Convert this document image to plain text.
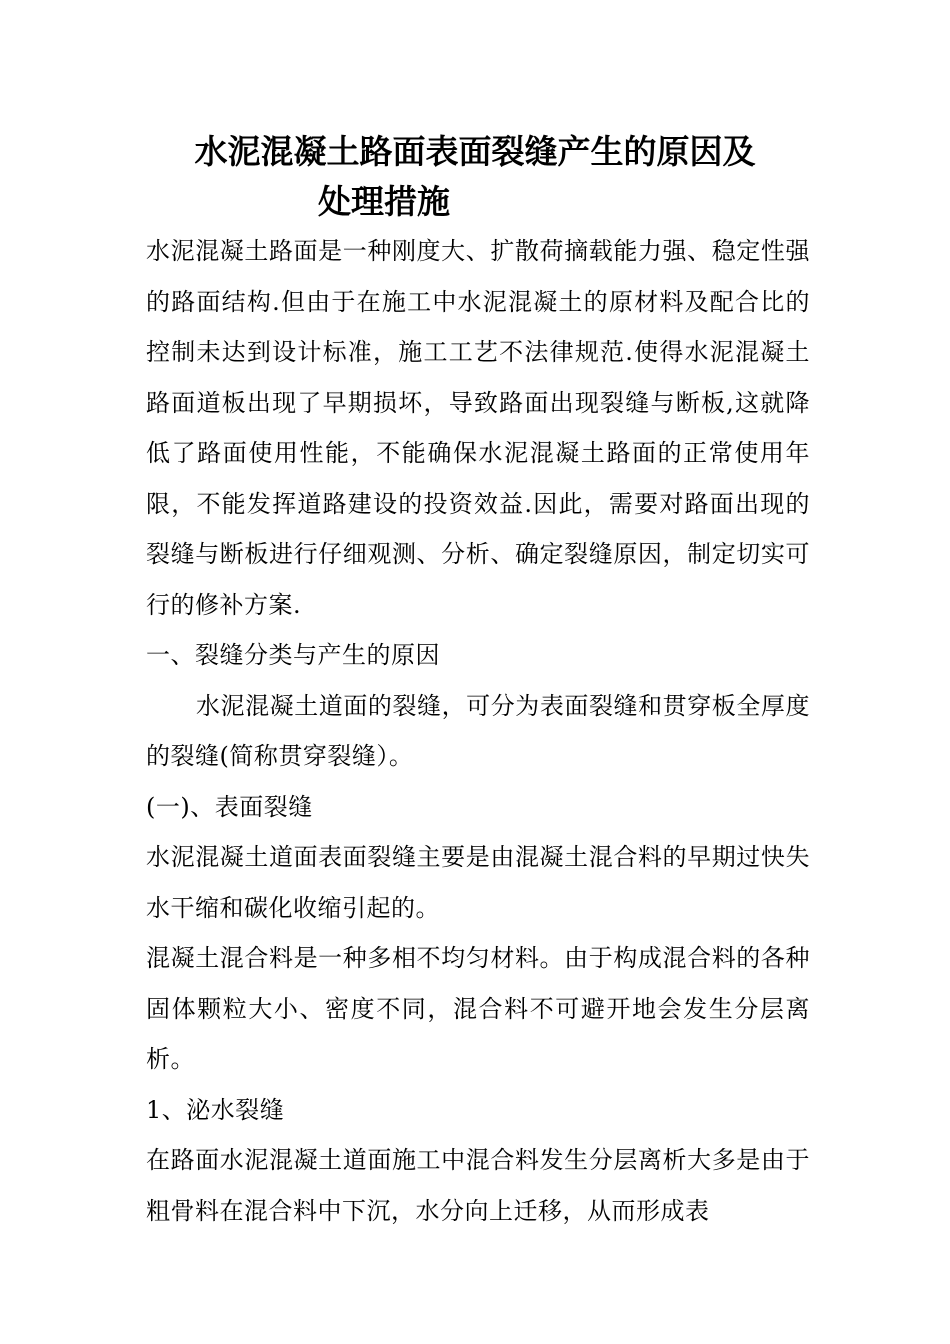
水泥混凝土路面表面裂缝产生的原因及
处理措施

水泥混凝土路面是一种刚度大、扩散荷摘载能力强、稳定性强的路面结构.但由于在施工中水泥混凝土的原材料及配合比的控制未达到设计标准，施工工艺不法律规范.使得水泥混凝土路面道板出现了早期损坏，导致路面出现裂缝与断板,这就降低了路面使用性能，不能确保水泥混凝土路面的正常使用年限，不能发挥道路建设的投资效益.因此，需要对路面出现的裂缝与断板进行仔细观测、分析、确定裂缝原因，制定切实可行的修补方案.

一、裂缝分类与产生的原因

水泥混凝土道面的裂缝，可分为表面裂缝和贯穿板全厚度的裂缝(简称贯穿裂缝）。

(一)、表面裂缝

水泥混凝土道面表面裂缝主要是由混凝土混合料的早期过快失水干缩和碳化收缩引起的。

混凝土混合料是一种多相不均匀材料。由于构成混合料的各种固体颗粒大小、密度不同，混合料不可避开地会发生分层离析。

1、泌水裂缝

在路面水泥混凝土道面施工中混合料发生分层离析大多是由于粗骨料在混合料中下沉，水分向上迁移，从而形成表
